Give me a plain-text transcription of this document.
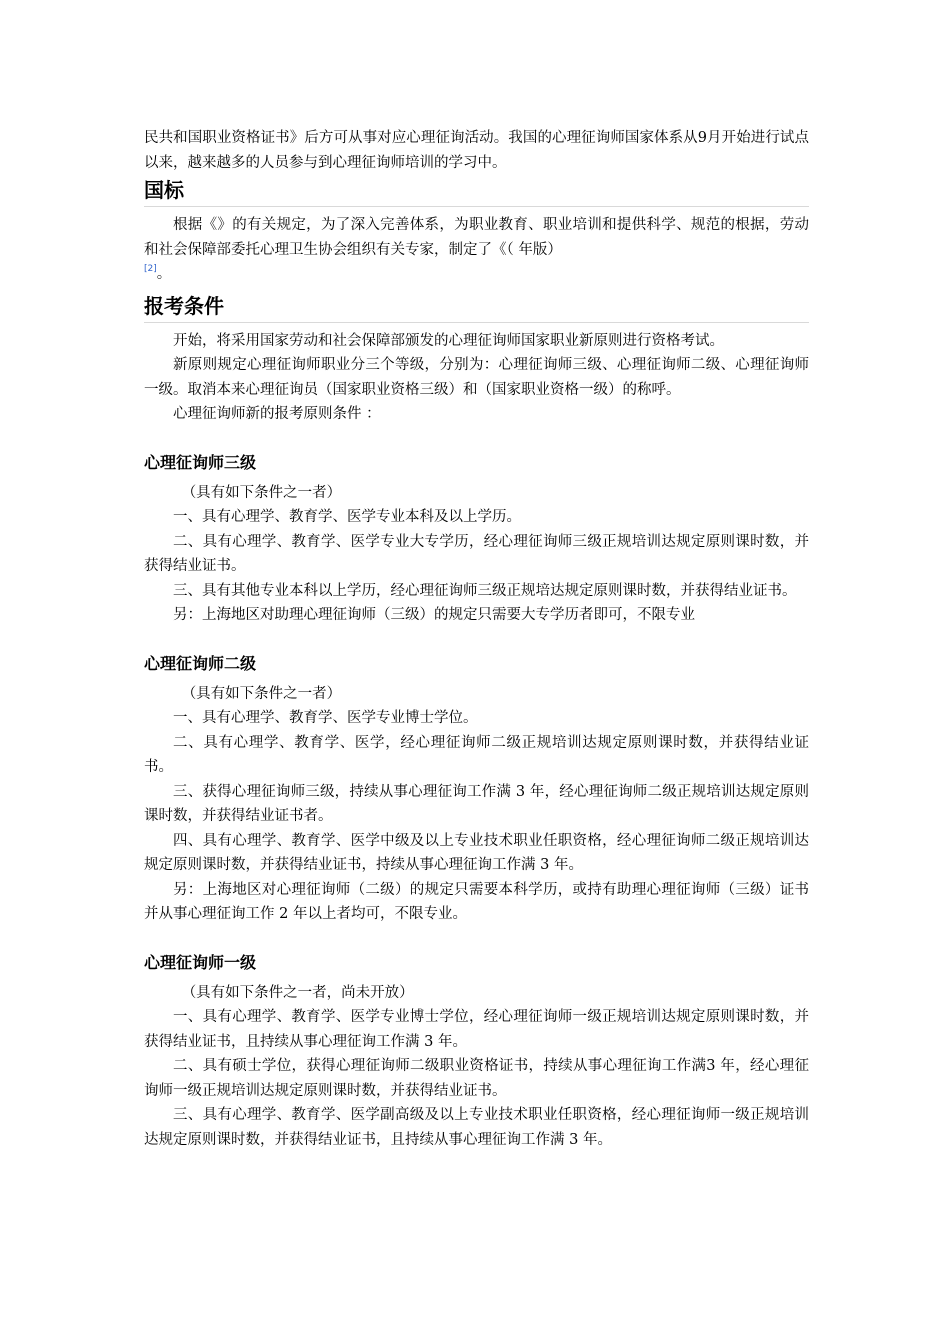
民共和国职业资格证书》后方可从事对应心理征询活动。我国的心理征询师国家体系从9月开始进行试点以来，越来越多的人员参与到心理征询师培训的学习中。

国标

根据《》的有关规定，为了深入完善体系，为职业教育、职业培训和提供科学、规范的根据，劳动和社会保障部委托心理卫生协会组织有关专家，制定了《（ 年版）
[2]。

报考条件

开始，将采用国家劳动和社会保障部颁发的心理征询师国家职业新原则进行资格考试。

新原则规定心理征询师职业分三个等级，分别为：心理征询师三级、心理征询师二级、心理征询师一级。取消本来心理征询员（国家职业资格三级）和（国家职业资格一级）的称呼。

心理征询师新的报考原则条件 ：

心理征询师三级

（具有如下条件之一者）

一、具有心理学、教育学、医学专业本科及以上学历。

二、具有心理学、教育学、医学专业大专学历，经心理征询师三级正规培训达规定原则课时数，并获得结业证书。

三、具有其他专业本科以上学历，经心理征询师三级正规培达规定原则课时数，并获得结业证书。

另：上海地区对助理心理征询师（三级）的规定只需要大专学历者即可，不限专业

心理征询师二级

（具有如下条件之一者）

一、具有心理学、教育学、医学专业博士学位。

二、具有心理学、教育学、医学，经心理征询师二级正规培训达规定原则课时数，并获得结业证书。

三、获得心理征询师三级，持续从事心理征询工作满 3 年，经心理征询师二级正规培训达规定原则课时数，并获得结业证书者。

四、具有心理学、教育学、医学中级及以上专业技术职业任职资格，经心理征询师二级正规培训达规定原则课时数，并获得结业证书，持续从事心理征询工作满 3 年。

另：上海地区对心理征询师（二级）的规定只需要本科学历，或持有助理心理征询师（三级）证书并从事心理征询工作 2 年以上者均可，不限专业。

心理征询师一级

（具有如下条件之一者，尚未开放）

一、具有心理学、教育学、医学专业博士学位，经心理征询师一级正规培训达规定原则课时数，并获得结业证书，且持续从事心理征询工作满 3 年。

二、具有硕士学位，获得心理征询师二级职业资格证书，持续从事心理征询工作满3 年，经心理征询师一级正规培训达规定原则课时数，并获得结业证书。

三、具有心理学、教育学、医学副高级及以上专业技术职业任职资格，经心理征询师一级正规培训达规定原则课时数，并获得结业证书，且持续从事心理征询工作满 3 年。
